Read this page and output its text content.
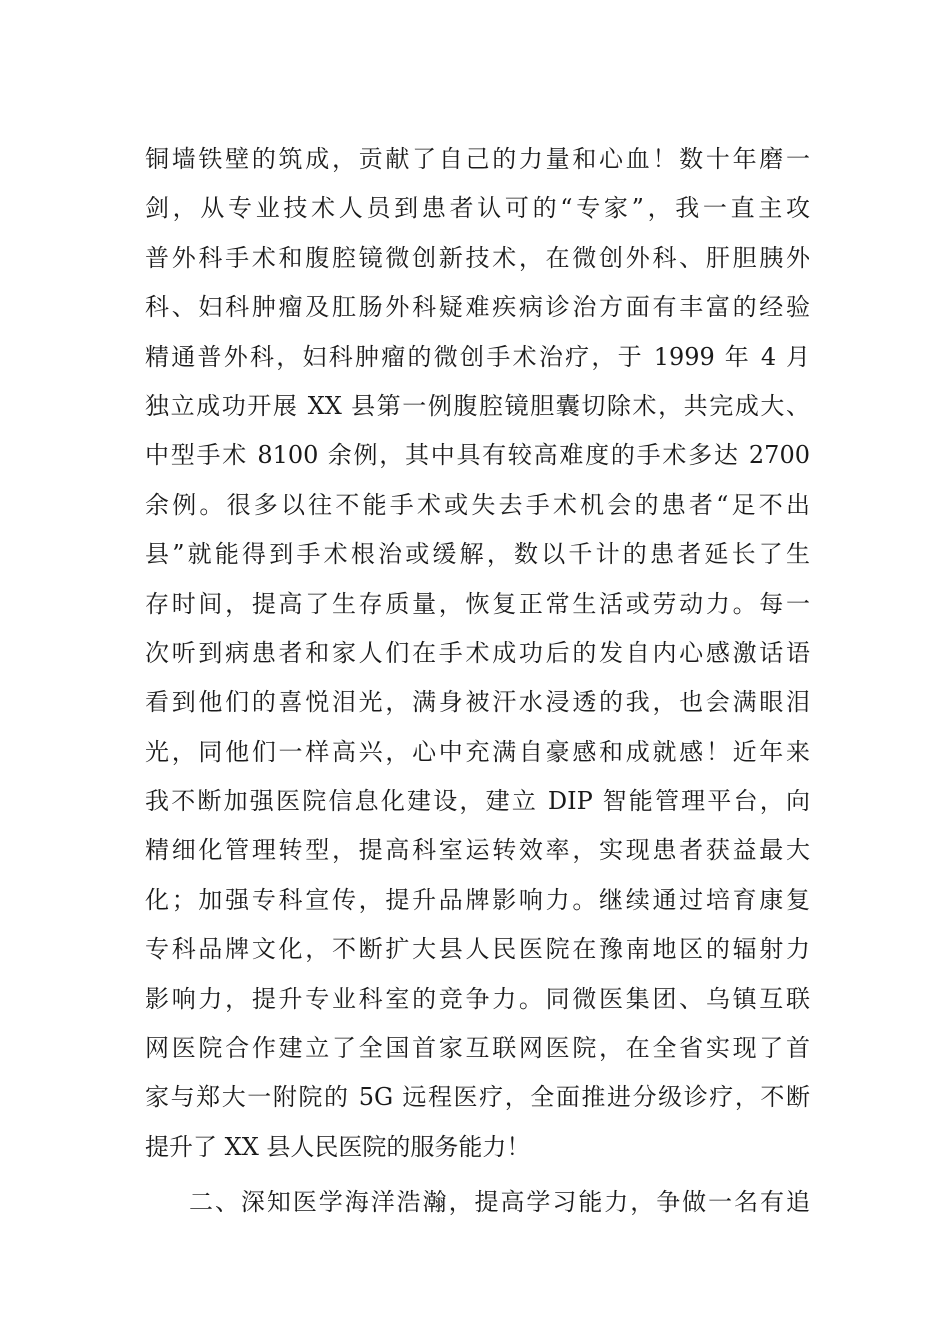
铜墙铁壁的筑成，贡献了自己的力量和心血！数十年磨一
剑，从专业技术人员到患者认可的“专家”，我一直主攻
普外科手术和腹腔镜微创新技术，在微创外科、肝胆胰外
科、妇科肿瘤及肛肠外科疑难疾病诊治方面有丰富的经验
精通普外科，妇科肿瘤的微创手术治疗，于 1999 年 4 月
独立成功开展 XX 县第一例腹腔镜胆囊切除术，共完成大、
中型手术 8100 余例，其中具有较高难度的手术多达 2700
余例。很多以往不能手术或失去手术机会的患者“足不出
县”就能得到手术根治或缓解，数以千计的患者延长了生
存时间，提高了生存质量，恢复正常生活或劳动力。每一
次听到病患者和家人们在手术成功后的发自内心感激话语
看到他们的喜悦泪光，满身被汗水浸透的我，也会满眼泪
光，同他们一样高兴，心中充满自豪感和成就感！近年来
我不断加强医院信息化建设，建立 DIP 智能管理平台，向
精细化管理转型，提高科室运转效率，实现患者获益最大
化；加强专科宣传，提升品牌影响力。继续通过培育康复
专科品牌文化，不断扩大县人民医院在豫南地区的辐射力
影响力，提升专业科室的竞争力。同微医集团、乌镇互联
网医院合作建立了全国首家互联网医院，在全省实现了首
家与郑大一附院的 5G 远程医疗，全面推进分级诊疗，不断
提升了 XX 县人民医院的服务能力！
二、深知医学海洋浩瀚，提高学习能力，争做一名有追
